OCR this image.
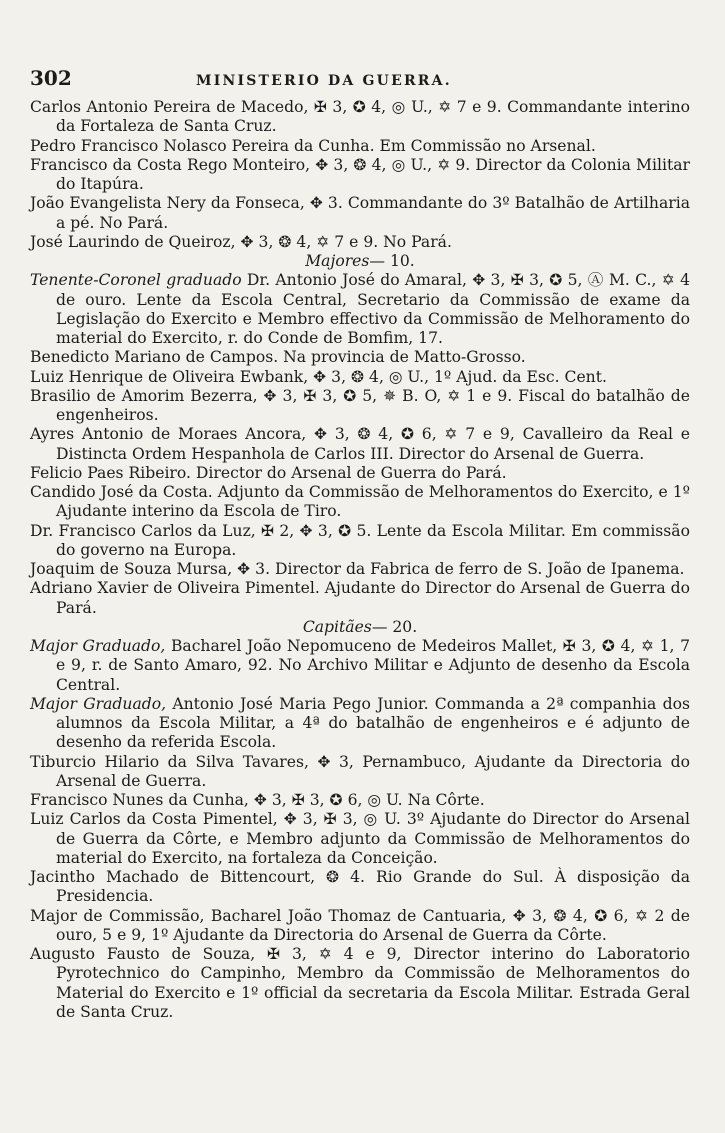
302	MINISTERIO DA GUERRA.

Carlos Antonio Pereira de Macedo, ✠ 3, ✪ 4, ◎ U., ✡ 7 e 9. Commandante interino da Fortaleza de Santa Cruz.

Pedro Francisco Nolasco Pereira da Cunha. Em Commissão no Arsenal.

Francisco da Costa Rego Monteiro, ✥ 3, ❂ 4, ◎ U., ✡ 9. Director da Colonia Militar do Itapúra.

João Evangelista Nery da Fonseca, ✥ 3. Commandante do 3º Batalhão de Artilharia a pé. No Pará.

José Laurindo de Queiroz, ✥ 3, ❂ 4, ✡ 7 e 9. No Pará.

Majores— 10.

Tenente-Coronel graduado Dr. Antonio José do Amaral, ✥ 3, ✠ 3, ✪ 5, Ⓐ M. C., ✡ 4 de ouro. Lente da Escola Central, Secretario da Commissão de exame da Legislação do Exercito e Membro effectivo da Commissão de Melhoramento do material do Exercito, r. do Conde de Bomfim, 17.

Benedicto Mariano de Campos. Na provincia de Matto-Grosso.

Luiz Henrique de Oliveira Ewbank, ✥ 3, ❂ 4, ◎ U., 1º Ajud. da Esc. Cent.

Brasilio de Amorim Bezerra, ✥ 3, ✠ 3, ✪ 5, ✵ B. O, ✡ 1 e 9. Fiscal do batalhão de engenheiros.

Ayres Antonio de Moraes Ancora, ✥ 3, ❂ 4, ✪ 6, ✡ 7 e 9, Cavalleiro da Real e Distincta Ordem Hespanhola de Carlos III. Director do Arsenal de Guerra.

Felicio Paes Ribeiro. Director do Arsenal de Guerra do Pará.

Candido José da Costa. Adjunto da Commissão de Melhoramentos do Exercito, e 1º Ajudante interino da Escola de Tiro.

Dr. Francisco Carlos da Luz, ✠ 2, ✥ 3, ✪ 5. Lente da Escola Militar. Em commissão do governo na Europa.

Joaquim de Souza Mursa, ✥ 3. Director da Fabrica de ferro de S. João de Ipanema.

Adriano Xavier de Oliveira Pimentel. Ajudante do Director do Arsenal de Guerra do Pará.

Capitães— 20.

Major Graduado, Bacharel João Nepomuceno de Medeiros Mallet, ✠ 3, ✪ 4, ✡ 1, 7 e 9, r. de Santo Amaro, 92. No Archivo Militar e Adjunto de desenho da Escola Central.

Major Graduado, Antonio José Maria Pego Junior. Commanda a 2ª companhia dos alumnos da Escola Militar, a 4ª do batalhão de engenheiros e é adjunto de desenho da referida Escola.

Tiburcio Hilario da Silva Tavares, ✥ 3, Pernambuco, Ajudante da Directoria do Arsenal de Guerra.

Francisco Nunes da Cunha, ✥ 3, ✠ 3, ✪ 6, ◎ U. Na Côrte.

Luiz Carlos da Costa Pimentel, ✥ 3, ✠ 3, ◎ U. 3º Ajudante do Director do Arsenal de Guerra da Côrte, e Membro adjunto da Commissão de Melhoramentos do material do Exercito, na fortaleza da Conceição.

Jacintho Machado de Bittencourt, ❂ 4. Rio Grande do Sul. À disposição da Presidencia.

Major de Commissão, Bacharel João Thomaz de Cantuaria, ✥ 3, ❂ 4, ✪ 6, ✡ 2 de ouro, 5 e 9, 1º Ajudante da Directoria do Arsenal de Guerra da Côrte.

Augusto Fausto de Souza, ✠ 3, ✡ 4 e 9, Director interino do Laboratorio Pyrotechnico do Campinho, Membro da Commissão de Melhoramentos do Material do Exercito e 1º official da secretaria da Escola Militar. Estrada Geral de Santa Cruz.
